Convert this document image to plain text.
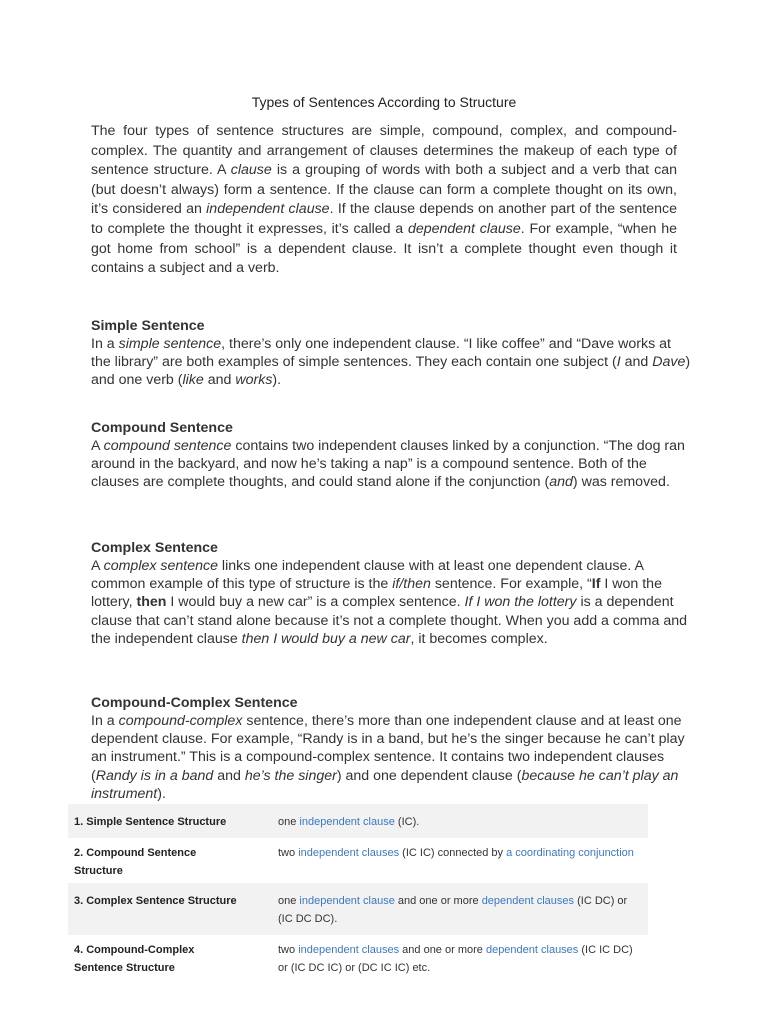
Types of Sentences According to Structure

The four types of sentence structures are simple, compound, complex, and compound-complex. The quantity and arrangement of clauses determines the makeup of each type of sentence structure. A clause is a grouping of words with both a subject and a verb that can (but doesn’t always) form a sentence. If the clause can form a complete thought on its own, it’s considered an independent clause. If the clause depends on another part of the sentence to complete the thought it expresses, it’s called a dependent clause. For example, “when he got home from school” is a dependent clause. It isn’t a complete thought even though it contains a subject and a verb.

Simple Sentence

In a simple sentence, there’s only one independent clause. “I like coffee” and “Dave works at the library” are both examples of simple sentences. They each contain one subject (I and Dave) and one verb (like and works).

Compound Sentence

A compound sentence contains two independent clauses linked by a conjunction. “The dog ran around in the backyard, and now he’s taking a nap” is a compound sentence. Both of the clauses are complete thoughts, and could stand alone if the conjunction (and) was removed.

Complex Sentence

A complex sentence links one independent clause with at least one dependent clause. A common example of this type of structure is the if/then sentence. For example, “If I won the lottery, then I would buy a new car” is a complex sentence. If I won the lottery is a dependent clause that can’t stand alone because it’s not a complete thought. When you add a comma and the independent clause then I would buy a new car, it becomes complex.

Compound-Complex Sentence

In a compound-complex sentence, there’s more than one independent clause and at least one dependent clause. For example, “Randy is in a band, but he’s the singer because he can’t play an instrument.” This is a compound-complex sentence. It contains two independent clauses (Randy is in a band and he’s the singer) and one dependent clause (because he can’t play an instrument).

1. Simple Sentence Structure	one independent clause (IC).
2. Compound Sentence
Structure
two independent clauses (IC IC) connected by a coordinating conjunction
3. Complex Sentence Structure	one independent clause and one or more dependent clauses (IC DC) or
(IC DC DC).
4. Compound-Complex
Sentence Structure
two independent clauses and one or more dependent clauses (IC IC DC)
or (IC DC IC) or (DC IC IC) etc.
